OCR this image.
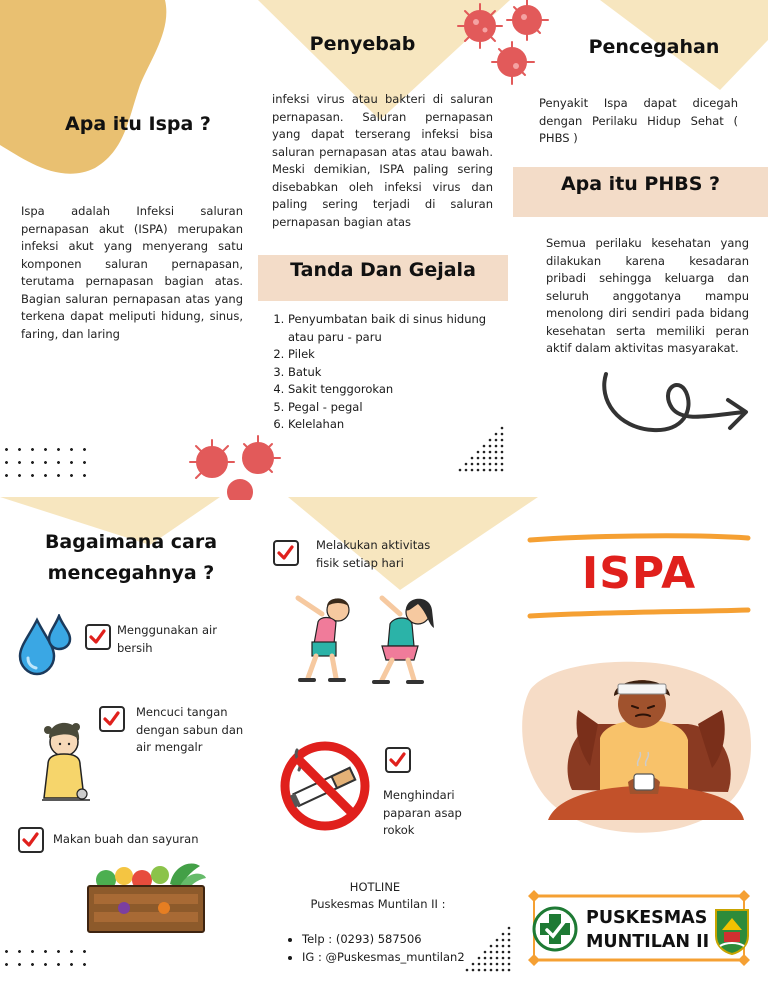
Apa itu Ispa ?
Ispa adalah Infeksi saluran pernapasan akut (ISPA) merupakan infeksi akut yang menyerang satu komponen saluran pernapasan, terutama pernapasan bagian atas. Bagian saluran pernapasan atas yang terkena dapat meliputi hidung, sinus, faring, dan laring
Penyebab
infeksi virus atau bakteri di saluran pernapasan. Saluran pernapasan yang dapat terserang infeksi bisa saluran pernapasan atas atau bawah. Meski demikian, ISPA paling sering disebabkan oleh infeksi virus dan paling sering terjadi di saluran pernapasan bagian atas
Tanda Dan Gejala
1. Penyumbatan baik di sinus hidung atau paru - paru
2. Pilek
3. Batuk
4. Sakit tenggorokan
5. Pegal - pegal
6. Kelelahan
Pencegahan
Penyakit Ispa dapat dicegah dengan Perilaku Hidup Sehat ( PHBS )
Apa itu PHBS ?
Semua perilaku kesehatan yang dilakukan karena kesadaran pribadi sehingga keluarga dan seluruh anggotanya mampu menolong diri sendiri pada bidang kesehatan serta memiliki peran aktif dalam aktivitas masyarakat.
Bagaimana cara
mencegahnya ?
Menggunakan air bersih
Mencuci tangan dengan sabun dan air mengalr
Makan buah dan sayuran
Melakukan aktivitas fisik setiap hari
Menghindari paparan asap rokok
HOTLINE
Puskesmas Muntilan II :
• Telp : (0293) 587506
• IG : @Puskesmas_muntilan2
ISPA
PUSKESMAS
MUNTILAN II
